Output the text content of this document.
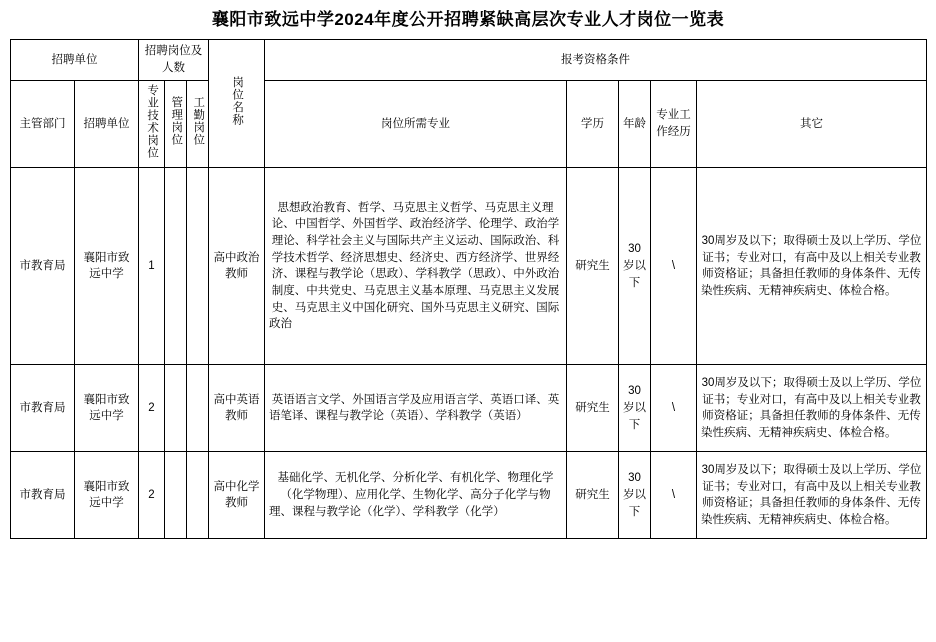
襄阳市致远中学2024年度公开招聘紧缺高层次专业人才岗位一览表
招聘单位		招聘岗位及人数			岗位名称	报考资格条件				
主管部门	招聘单位	专业技术岗位	管理岗位	工勤岗位		岗位所需专业	学历	年龄	专业工作经历	其它
市教育局	襄阳市致远中学	1			高中政治教师	思想政治教育、哲学、马克思主义哲学、马克思主义理论、中国哲学、外国哲学、政治经济学、伦理学、政治学理论、科学社会主义与国际共产主义运动、国际政治、科学技术哲学、经济思想史、经济史、西方经济学、世界经济、课程与教学论（思政）、学科教学（思政）、中外政治制度、中共党史、马克思主义基本原理、马克思主义发展史、马克思主义中国化研究、国外马克思主义研究、国际政治	研究生	30岁以下	\	30周岁及以下；取得硕士及以上学历、学位证书；专业对口，有高中及以上相关专业教师资格证；具备担任教师的身体条件、无传染性疾病、无精神疾病史、体检合格。
市教育局	襄阳市致远中学	2			高中英语教师	英语语言文学、外国语言学及应用语言学、英语口译、英语笔译、课程与教学论（英语）、学科教学（英语）	研究生	30岁以下	\	30周岁及以下；取得硕士及以上学历、学位证书；专业对口，有高中及以上相关专业教师资格证；具备担任教师的身体条件、无传染性疾病、无精神疾病史、体检合格。
市教育局	襄阳市致远中学	2			高中化学教师	基础化学、无机化学、分析化学、有机化学、物理化学（化学物理）、应用化学、生物化学、高分子化学与物理、课程与教学论（化学）、学科教学（化学）	研究生	30岁以下	\	30周岁及以下；取得硕士及以上学历、学位证书；专业对口，有高中及以上相关专业教师资格证；具备担任教师的身体条件、无传染性疾病、无精神疾病史、体检合格。
